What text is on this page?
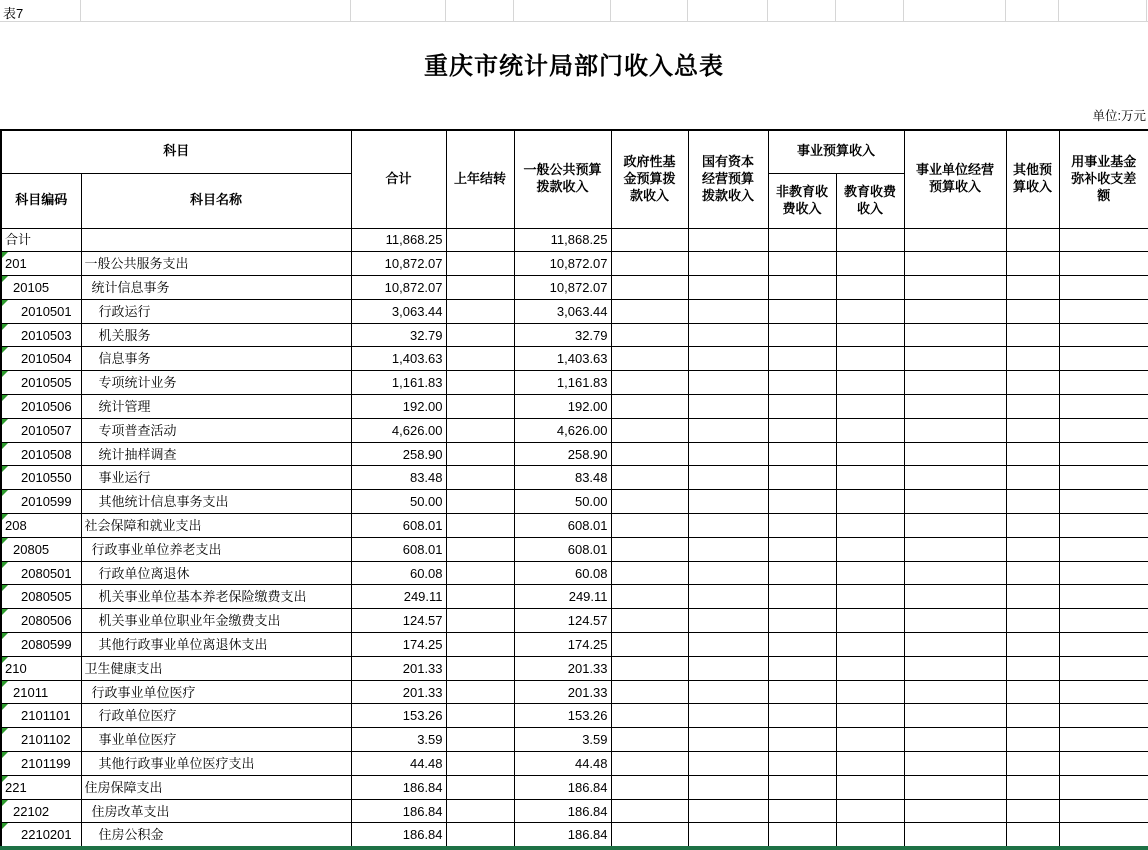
表7
重庆市统计局部门收入总表
单位:万元
科目		合计	上年结转	一般公共预算拨款收入	政府性基金预算拨款收入	国有资本经营预算拨款收入	事业预算收入		事业单位经营预算收入	其他预算收入	用事业基金弥补收支差额
科目编码	科目名称						非教育收费收入	教育收费收入			
合计		11,868.25		11,868.25							

201	一般公共服务支出	10,872.07		10,872.07							

20105	统计信息事务	10,872.07		10,872.07							

2010501	行政运行	3,063.44		3,063.44							

2010503	机关服务	32.79		32.79							

2010504	信息事务	1,403.63		1,403.63							

2010505	专项统计业务	1,161.83		1,161.83							

2010506	统计管理	192.00		192.00							

2010507	专项普查活动	4,626.00		4,626.00							

2010508	统计抽样调查	258.90		258.90							

2010550	事业运行	83.48		83.48							

2010599	其他统计信息事务支出	50.00		50.00							

208	社会保障和就业支出	608.01		608.01							

20805	行政事业单位养老支出	608.01		608.01							

2080501	行政单位离退休	60.08		60.08							

2080505	机关事业单位基本养老保险缴费支出	249.11		249.11							

2080506	机关事业单位职业年金缴费支出	124.57		124.57							

2080599	其他行政事业单位离退休支出	174.25		174.25							

210	卫生健康支出	201.33		201.33							

21011	行政事业单位医疗	201.33		201.33							

2101101	行政单位医疗	153.26		153.26							

2101102	事业单位医疗	3.59		3.59							

2101199	其他行政事业单位医疗支出	44.48		44.48							

221	住房保障支出	186.84		186.84							

22102	住房改革支出	186.84		186.84							

2210201	住房公积金	186.84		186.84							
